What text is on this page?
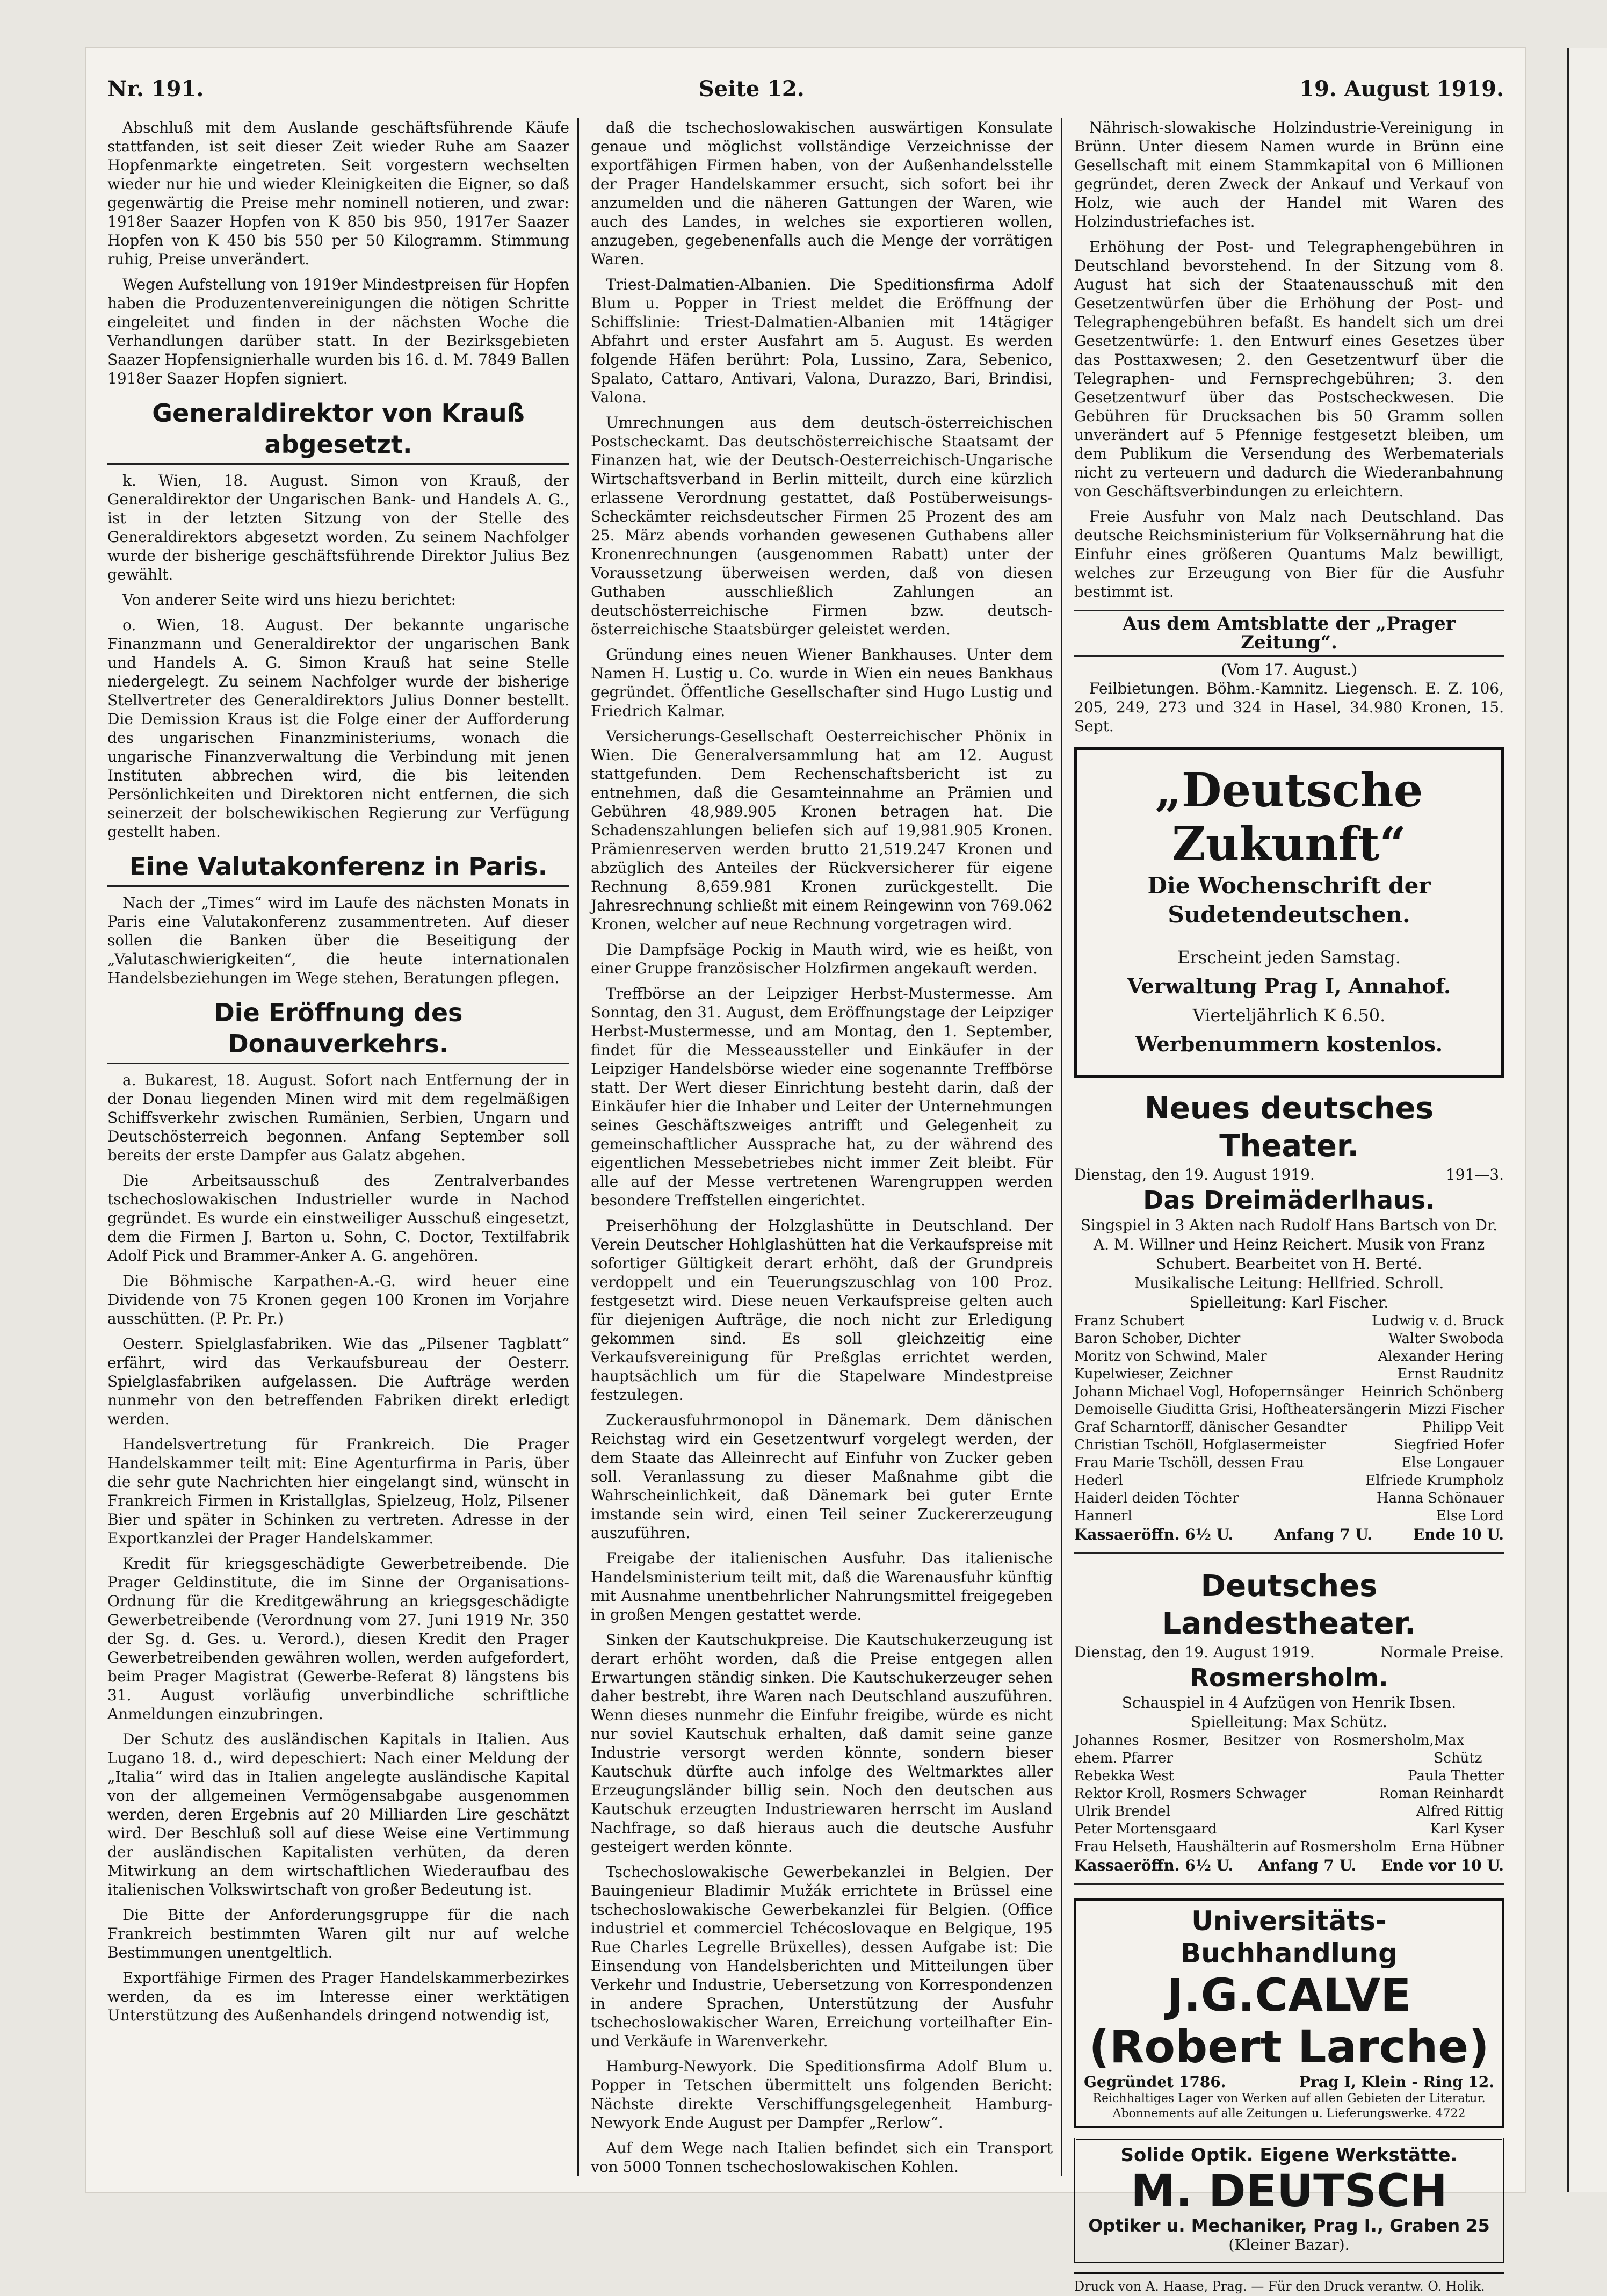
Nr. 191.	Seite 12.	19. August 1919.

Abschluß mit dem Auslande geschäftsführende Käufe stattfanden, ist seit dieser Zeit wieder Ruhe am Saazer Hopfenmarkte eingetreten. Seit vorgestern wechselten wieder nur hie und wieder Kleinigkeiten die Eigner, so daß gegenwärtig die Preise mehr nominell notieren, und zwar: 1918er Saazer Hopfen von K 850 bis 950, 1917er Saazer Hopfen von K 450 bis 550 per 50 Kilogramm. Stimmung ruhig, Preise unverändert.

Wegen Aufstellung von 1919er Mindestpreisen für Hopfen haben die Produzentenvereinigungen die nötigen Schritte eingeleitet und finden in der nächsten Woche die Verhandlungen darüber statt. In der Bezirksgebieten Saazer Hopfensignierhalle wurden bis 16. d. M. 7849 Ballen 1918er Saazer Hopfen signiert.

Generaldirektor von Krauß abgesetzt.

k. Wien, 18. August. Simon von Krauß, der Generaldirektor der Ungarischen Bank- und Handels A. G., ist in der letzten Sitzung von der Stelle des Generaldirektors abgesetzt worden. Zu seinem Nachfolger wurde der bisherige geschäftsführende Direktor Julius Bez gewählt.

Von anderer Seite wird uns hiezu berichtet:

o. Wien, 18. August. Der bekannte ungarische Finanzmann und Generaldirektor der ungarischen Bank und Handels A. G. Simon Krauß hat seine Stelle niedergelegt. Zu seinem Nachfolger wurde der bisherige Stellvertreter des Generaldirektors Julius Donner bestellt. Die Demission Kraus ist die Folge einer der Aufforderung des ungarischen Finanzministeriums, wonach die ungarische Finanzverwaltung die Verbindung mit jenen Instituten abbrechen wird, die bis leitenden Persönlichkeiten und Direktoren nicht entfernen, die sich seinerzeit der bolschewikischen Regierung zur Verfügung gestellt haben.

Eine Valutakonferenz in Paris.

Nach der „Times“ wird im Laufe des nächsten Monats in Paris eine Valutakonferenz zusammentreten. Auf dieser sollen die Banken über die Beseitigung der „Valutaschwierigkeiten“, die heute internationalen Handelsbeziehungen im Wege stehen, Beratungen pflegen.

Die Eröffnung des Donauverkehrs.

a. Bukarest, 18. August. Sofort nach Entfernung der in der Donau liegenden Minen wird mit dem regelmäßigen Schiffsverkehr zwischen Rumänien, Serbien, Ungarn und Deutschösterreich begonnen. Anfang September soll bereits der erste Dampfer aus Galatz abgehen.

Die Arbeitsausschuß des Zentralverbandes tschechoslowakischen Industrieller wurde in Nachod gegründet. Es wurde ein einstweiliger Ausschuß eingesetzt, dem die Firmen J. Barton u. Sohn, C. Doctor, Textilfabrik Adolf Pick und Brammer-Anker A. G. angehören.

Die Böhmische Karpathen-A.-G. wird heuer eine Dividende von 75 Kronen gegen 100 Kronen im Vorjahre ausschütten. (P. Pr. Pr.)

Oesterr. Spielglasfabriken. Wie das „Pilsener Tagblatt“ erfährt, wird das Verkaufsbureau der Oesterr. Spielglasfabriken aufgelassen. Die Aufträge werden nunmehr von den betreffenden Fabriken direkt erledigt werden.

Handelsvertretung für Frankreich. Die Prager Handelskammer teilt mit: Eine Agenturfirma in Paris, über die sehr gute Nachrichten hier eingelangt sind, wünscht in Frankreich Firmen in Kristallglas, Spielzeug, Holz, Pilsener Bier und später in Schinken zu vertreten. Adresse in der Exportkanzlei der Prager Handelskammer.

Kredit für kriegsgeschädigte Gewerbetreibende. Die Prager Geldinstitute, die im Sinne der Organisations-Ordnung für die Kreditgewährung an kriegsgeschädigte Gewerbetreibende (Verordnung vom 27. Juni 1919 Nr. 350 der Sg. d. Ges. u. Verord.), diesen Kredit den Prager Gewerbetreibenden gewähren wollen, werden aufgefordert, beim Prager Magistrat (Gewerbe-Referat 8) längstens bis 31. August vorläufig unverbindliche schriftliche Anmeldungen einzubringen.

Der Schutz des ausländischen Kapitals in Italien. Aus Lugano 18. d., wird depeschiert: Nach einer Meldung der „Italia“ wird das in Italien angelegte ausländische Kapital von der allgemeinen Vermögensabgabe ausgenommen werden, deren Ergebnis auf 20 Milliarden Lire geschätzt wird. Der Beschluß soll auf diese Weise eine Vertimmung der ausländischen Kapitalisten verhüten, da deren Mitwirkung an dem wirtschaftlichen Wiederaufbau des italienischen Volkswirtschaft von großer Bedeutung ist.

Die Bitte der Anforderungsgruppe für die nach Frankreich bestimmten Waren gilt nur auf welche Bestimmungen unentgeltlich.

Exportfähige Firmen des Prager Handelskammerbezirkes werden, da es im Interesse einer werktätigen Unterstützung des Außenhandels dringend notwendig ist,

daß die tschechoslowakischen auswärtigen Konsulate genaue und möglichst vollständige Verzeichnisse der exportfähigen Firmen haben, von der Außenhandelsstelle der Prager Handelskammer ersucht, sich sofort bei ihr anzumelden und die näheren Gattungen der Waren, wie auch des Landes, in welches sie exportieren wollen, anzugeben, gegebenenfalls auch die Menge der vorrätigen Waren.

Triest-Dalmatien-Albanien. Die Speditionsfirma Adolf Blum u. Popper in Triest meldet die Eröffnung der Schiffslinie: Triest-Dalmatien-Albanien mit 14tägiger Abfahrt und erster Ausfahrt am 5. August. Es werden folgende Häfen berührt: Pola, Lussino, Zara, Sebenico, Spalato, Cattaro, Antivari, Valona, Durazzo, Bari, Brindisi, Valona.

Umrechnungen aus dem deutsch-österreichischen Postscheckamt. Das deutschösterreichische Staatsamt der Finanzen hat, wie der Deutsch-Oesterreichisch-Ungarische Wirtschaftsverband in Berlin mitteilt, durch eine kürzlich erlassene Verordnung gestattet, daß Postüberweisungs-Scheckämter reichsdeutscher Firmen 25 Prozent des am 25. März abends vorhanden gewesenen Guthabens aller Kronenrechnungen (ausgenommen Rabatt) unter der Voraussetzung überweisen werden, daß von diesen Guthaben ausschließlich Zahlungen an deutschösterreichische Firmen bzw. deutsch-österreichische Staatsbürger geleistet werden.

Gründung eines neuen Wiener Bankhauses. Unter dem Namen H. Lustig u. Co. wurde in Wien ein neues Bankhaus gegründet. Öffentliche Gesellschafter sind Hugo Lustig und Friedrich Kalmar.

Versicherungs-Gesellschaft Oesterreichischer Phönix in Wien. Die Generalversammlung hat am 12. August stattgefunden. Dem Rechenschaftsbericht ist zu entnehmen, daß die Gesamteinnahme an Prämien und Gebühren 48,989.905 Kronen betragen hat. Die Schadenszahlungen beliefen sich auf 19,981.905 Kronen. Prämienreserven werden brutto 21,519.247 Kronen und abzüglich des Anteiles der Rückversicherer für eigene Rechnung 8,659.981 Kronen zurückgestellt. Die Jahresrechnung schließt mit einem Reingewinn von 769.062 Kronen, welcher auf neue Rechnung vorgetragen wird.

Die Dampfsäge Pockig in Mauth wird, wie es heißt, von einer Gruppe französischer Holzfirmen angekauft werden.

Treffbörse an der Leipziger Herbst-Mustermesse. Am Sonntag, den 31. August, dem Eröffnungstage der Leipziger Herbst-Mustermesse, und am Montag, den 1. September, findet für die Messeaussteller und Einkäufer in der Leipziger Handelsbörse wieder eine sogenannte Treffbörse statt. Der Wert dieser Einrichtung besteht darin, daß der Einkäufer hier die Inhaber und Leiter der Unternehmungen seines Geschäftszweiges antrifft und Gelegenheit zu gemeinschaftlicher Aussprache hat, zu der während des eigentlichen Messebetriebes nicht immer Zeit bleibt. Für alle auf der Messe vertretenen Warengruppen werden besondere Treffstellen eingerichtet.

Preiserhöhung der Holzglashütte in Deutschland. Der Verein Deutscher Hohlglashütten hat die Verkaufspreise mit sofortiger Gültigkeit derart erhöht, daß der Grundpreis verdoppelt und ein Teuerungszuschlag von 100 Proz. festgesetzt wird. Diese neuen Verkaufspreise gelten auch für diejenigen Aufträge, die noch nicht zur Erledigung gekommen sind. Es soll gleichzeitig eine Verkaufsvereinigung für Preßglas errichtet werden, hauptsächlich um für die Stapelware Mindestpreise festzulegen.

Zuckerausfuhrmonopol in Dänemark. Dem dänischen Reichstag wird ein Gesetzentwurf vorgelegt werden, der dem Staate das Alleinrecht auf Einfuhr von Zucker geben soll. Veranlassung zu dieser Maßnahme gibt die Wahrscheinlichkeit, daß Dänemark bei guter Ernte imstande sein wird, einen Teil seiner Zuckererzeugung auszuführen.

Freigabe der italienischen Ausfuhr. Das italienische Handelsministerium teilt mit, daß die Warenausfuhr künftig mit Ausnahme unentbehrlicher Nahrungsmittel freigegeben in großen Mengen gestattet werde.

Sinken der Kautschukpreise. Die Kautschukerzeugung ist derart erhöht worden, daß die Preise entgegen allen Erwartungen ständig sinken. Die Kautschukerzeuger sehen daher bestrebt, ihre Waren nach Deutschland auszuführen. Wenn dieses nunmehr die Einfuhr freigibe, würde es nicht nur soviel Kautschuk erhalten, daß damit seine ganze Industrie versorgt werden könnte, sondern bieser Kautschuk dürfte auch infolge des Weltmarktes aller Erzeugungsländer billig sein. Noch den deutschen aus Kautschuk erzeugten Industriewaren herrscht im Ausland Nachfrage, so daß hieraus auch die deutsche Ausfuhr gesteigert werden könnte.

Tschechoslowakische Gewerbekanzlei in Belgien. Der Bauingenieur Bladimir Mužák errichtete in Brüssel eine tschechoslowakische Gewerbekanzlei für Belgien. (Office industriel et commerciel Tchécoslovaque en Belgique, 195 Rue Charles Legrelle Brüxelles), dessen Aufgabe ist: Die Einsendung von Handelsberichten und Mitteilungen über Verkehr und Industrie, Uebersetzung von Korrespondenzen in andere Sprachen, Unterstützung der Ausfuhr tschechoslowakischer Waren, Erreichung vorteilhafter Ein- und Verkäufe in Warenverkehr.

Hamburg-Newyork. Die Speditionsfirma Adolf Blum u. Popper in Tetschen übermittelt uns folgenden Bericht: Nächste direkte Verschiffungsgelegenheit Hamburg-Newyork Ende August per Dampfer „Rerlow“.

Auf dem Wege nach Italien befindet sich ein Transport von 5000 Tonnen tschechoslowakischen Kohlen.

Nährisch-slowakische Holzindustrie-Vereinigung in Brünn. Unter diesem Namen wurde in Brünn eine Gesellschaft mit einem Stammkapital von 6 Millionen gegründet, deren Zweck der Ankauf und Verkauf von Holz, wie auch der Handel mit Waren des Holzindustriefaches ist.

Erhöhung der Post- und Telegraphengebühren in Deutschland bevorstehend. In der Sitzung vom 8. August hat sich der Staatenausschuß mit den Gesetzentwürfen über die Erhöhung der Post- und Telegraphengebühren befaßt. Es handelt sich um drei Gesetzentwürfe: 1. den Entwurf eines Gesetzes über das Posttaxwesen; 2. den Gesetzentwurf über die Telegraphen- und Fernsprechgebühren; 3. den Gesetzentwurf über das Postscheckwesen. Die Gebühren für Drucksachen bis 50 Gramm sollen unverändert auf 5 Pfennige festgesetzt bleiben, um dem Publikum die Versendung des Werbematerials nicht zu verteuern und dadurch die Wiederanbahnung von Geschäftsverbindungen zu erleichtern.

Freie Ausfuhr von Malz nach Deutschland. Das deutsche Reichsministerium für Volksernährung hat die Einfuhr eines größeren Quantums Malz bewilligt, welches zur Erzeugung von Bier für die Ausfuhr bestimmt ist.

Aus dem Amtsblatte der „Prager Zeitung“.
(Vom 17. August.)

Feilbietungen. Böhm.-Kamnitz. Liegensch. E. Z. 106, 205, 249, 273 und 324 in Hasel, 34.980 Kronen, 15. Sept.

„Deutsche Zukunft“
Die Wochenschrift der Sudetendeutschen.
Erscheint jeden Samstag.
Verwaltung Prag I, Annahof.
Vierteljährlich K 6.50.
Werbenummern kostenlos.
Neues deutsches Theater.
Dienstag, den 19. August 1919.	191—3.
Das Dreimäderlhaus.
Singspiel in 3 Akten nach Rudolf Hans Bartsch von Dr. A. M. Willner und Heinz Reichert. Musik von Franz Schubert. Bearbeitet von H. Berté.
Musikalische Leitung: Hellfried. Schroll.
Spielleitung: Karl Fischer.
Franz Schubert	Ludwig v. d. Bruck
Baron Schober, Dichter	Walter Swoboda
Moritz von Schwind, Maler	Alexander Hering
Kupelwieser, Zeichner	Ernst Raudnitz
Johann Michael Vogl, Hofopernsänger Heinrich Schönberg
Demoiselle Giuditta Grisi, Hoftheatersängerin Mizzi Fischer
Graf Scharntorff, dänischer Gesandter	Philipp Veit
Christian Tschöll, Hofglasermeister	Siegfried Hofer
Frau Marie Tschöll, dessen Frau	Else Longauer
Hederl	Elfriede Krumpholz
Haiderl deiden Töchter	Hanna Schönauer
Hannerl	Else Lord
Kassaeröffn. 6½ U.	Anfang 7 U.	Ende 10 U.
Deutsches Landestheater.
Dienstag, den 19. August 1919.	Normale Preise.
Rosmersholm.
Schauspiel in 4 Aufzügen von Henrik Ibsen.
Spielleitung: Max Schütz.
Johannes Rosmer, Besitzer von Rosmersholm, ehem. Pfarrer
Max Schütz
Rebekka West	Paula Thetter
Rektor Kroll, Rosmers Schwager	Roman Reinhardt
Ulrik Brendel	Alfred Rittig
Peter Mortensgaard	Karl Kyser
Frau Helseth, Haushälterin auf Rosmersholm Erna Hübner
Kassaeröffn. 6½ U. Anfang 7 U. Ende vor 10 U.
Universitäts-Buchhandlung
J.G.CALVE (Robert Larche)
Gegründet 1786.	Prag I, Klein - Ring 12.
Reichhaltiges Lager von Werken auf allen Gebieten der Literatur. Abonnements auf alle Zeitungen u. Lieferungswerke. 4722
Solide Optik. Eigene Werkstätte.
M. DEUTSCH
Optiker u. Mechaniker, Prag I., Graben 25
(Kleiner Bazar).
Druck von A. Haase, Prag. — Für den Druck verantw. O. Holik.
